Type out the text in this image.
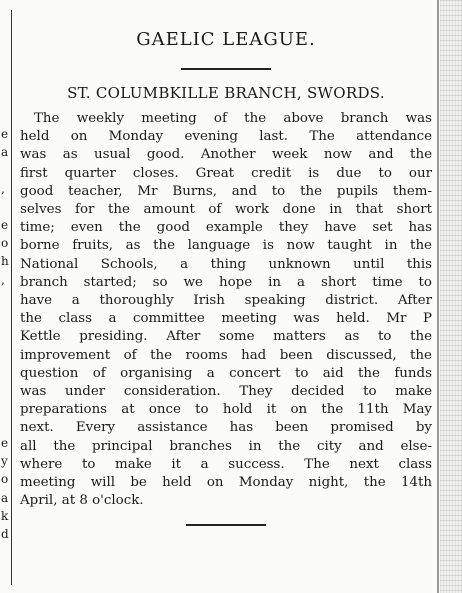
e
a
,
e
o
h
,
e
y
o
a
k
d
GAELIC LEAGUE.
ST. COLUMBKILLE BRANCH, SWORDS.
The weekly meeting of the above branch was
held on Monday evening last. The attendance
was as usual good. Another week now and the
first quarter closes. Great credit is due to our
good teacher, Mr Burns, and to the pupils them-
selves for the amount of work done in that short
time; even the good example they have set has
borne fruits, as the language is now taught in the
National Schools, a thing unknown until this
branch started; so we hope in a short time to
have a thoroughly Irish speaking district. After
the class a committee meeting was held. Mr P
Kettle presiding. After some matters as to the
improvement of the rooms had been discussed, the
question of organising a concert to aid the funds
was under consideration. They decided to make
preparations at once to hold it on the 11th May
next. Every assistance has been promised by
all the principal branches in the city and else-
where to make it a success. The next class
meeting will be held on Monday night, the 14th
April, at 8 o'clock.
